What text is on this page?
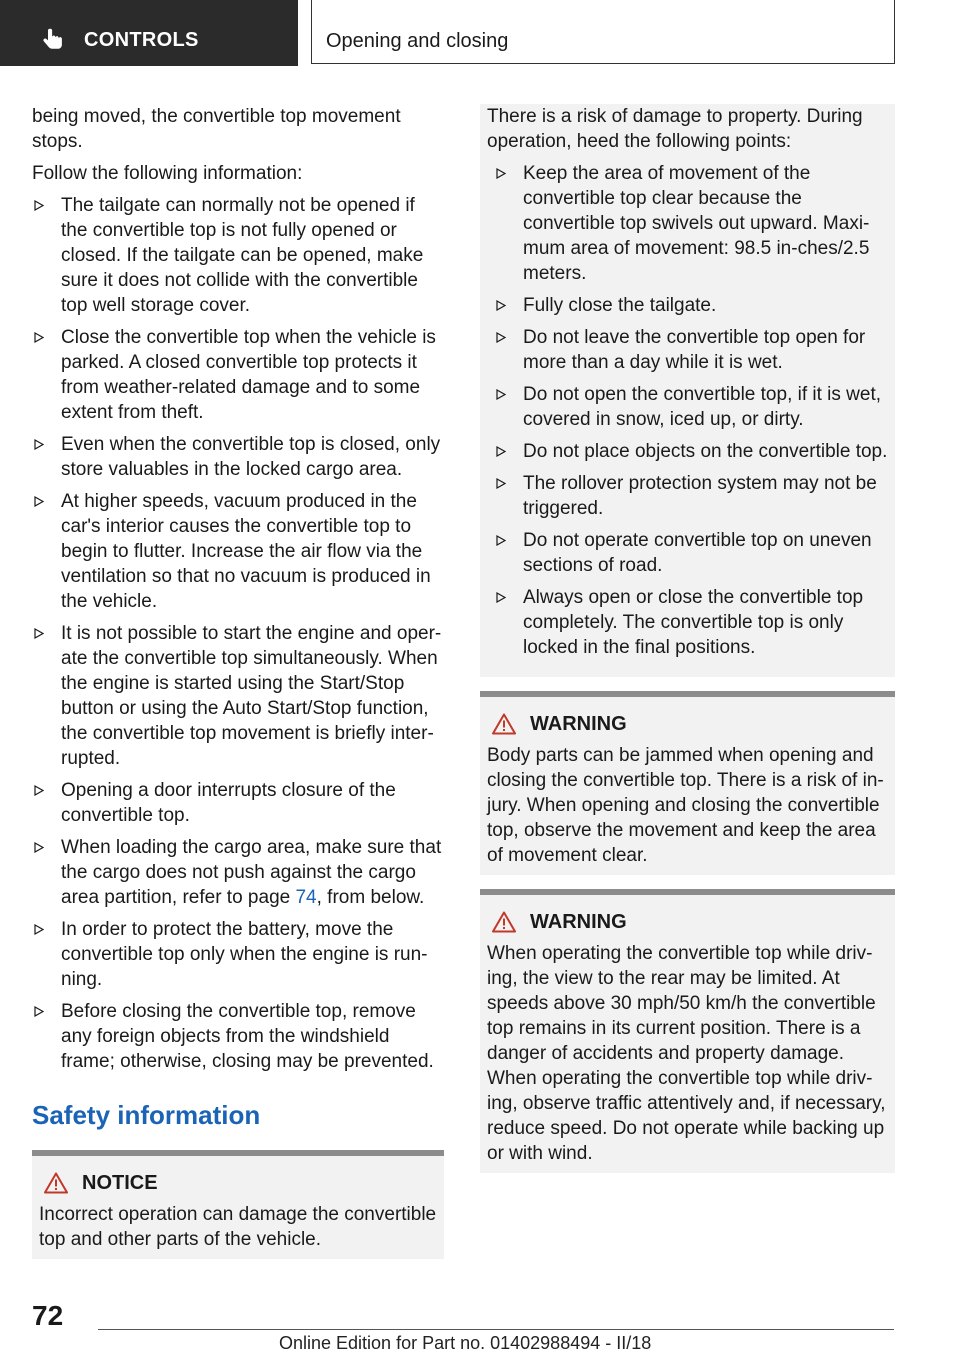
CONTROLS	Opening and closing

being moved, the convertible top movement stops.

Follow the following information:

The tailgate can normally not be opened if the convertible top is not fully opened or closed. If the tailgate can be opened, make sure it does not collide with the convertible top well storage cover.
Close the convertible top when the vehicle is parked. A closed convertible top protects it from weather-related damage and to some extent from theft.
Even when the convertible top is closed, only store valuables in the locked cargo area.
At higher speeds, vacuum produced in the car's interior causes the convertible top to begin to flutter. Increase the air flow via the ventilation so that no vacuum is produced in the vehicle.
It is not possible to start the engine and oper-ate the convertible top simultaneously. When the engine is started using the Start/Stop button or using the Auto Start/Stop function, the convertible top movement is briefly inter-rupted.
Opening a door interrupts closure of the convertible top.
When loading the cargo area, make sure that the cargo does not push against the cargo area partition, refer to page 74, from below.
In order to protect the battery, move the convertible top only when the engine is run-ning.
Before closing the convertible top, remove any foreign objects from the windshield frame; otherwise, closing may be prevented.
Safety information
NOTICE
Incorrect operation can damage the convertible top and other parts of the vehicle.

There is a risk of damage to property. During operation, heed the following points:

Keep the area of movement of the convertible top clear because the convertible top swivels out upward. Maxi-mum area of movement: 98.5 in-ches/2.5 meters.
Fully close the tailgate.
Do not leave the convertible top open for more than a day while it is wet.
Do not open the convertible top, if it is wet, covered in snow, iced up, or dirty.
Do not place objects on the convertible top.
The rollover protection system may not be triggered.
Do not operate convertible top on uneven sections of road.
Always open or close the convertible top completely. The convertible top is only locked in the final positions.
WARNING
Body parts can be jammed when opening and closing the convertible top. There is a risk of in-jury. When opening and closing the convertible top, observe the movement and keep the area of movement clear.
WARNING
When operating the convertible top while driv-ing, the view to the rear may be limited. At speeds above 30 mph/50 km/h the convertible top remains in its current position. There is a danger of accidents and property damage. When operating the convertible top while driv-ing, observe traffic attentively and, if necessary, reduce speed. Do not operate while backing up or with wind.
72
Online Edition for Part no. 01402988494 - II/18
